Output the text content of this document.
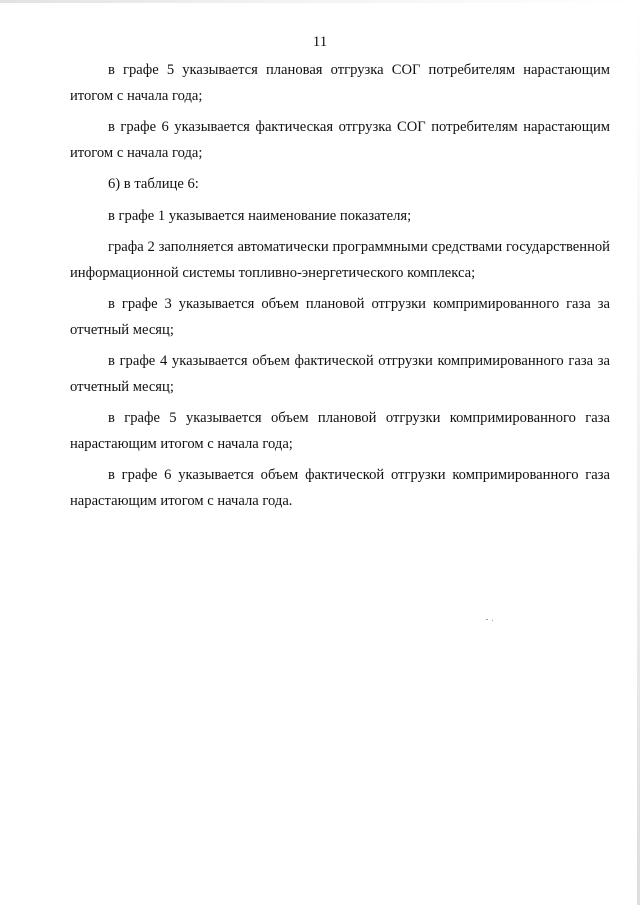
11

в графе 5 указывается плановая отгрузка СОГ потребителям нарастающим итогом с начала года;

в графе 6 указывается фактическая отгрузка СОГ потребителям нарастающим итогом с начала года;

6) в таблице 6:

в графе 1 указывается наименование показателя;

графа 2 заполняется автоматически программными средствами государственной информационной системы топливно-энергетического комплекса;

в графе 3 указывается объем плановой отгрузки компримированного газа за отчетный месяц;

в графе 4 указывается объем фактической отгрузки компримированного газа за отчетный месяц;

в графе 5 указывается объем плановой отгрузки компримированного газа нарастающим итогом с начала года;

в графе 6 указывается объем фактической отгрузки компримированного газа нарастающим итогом с начала года.
